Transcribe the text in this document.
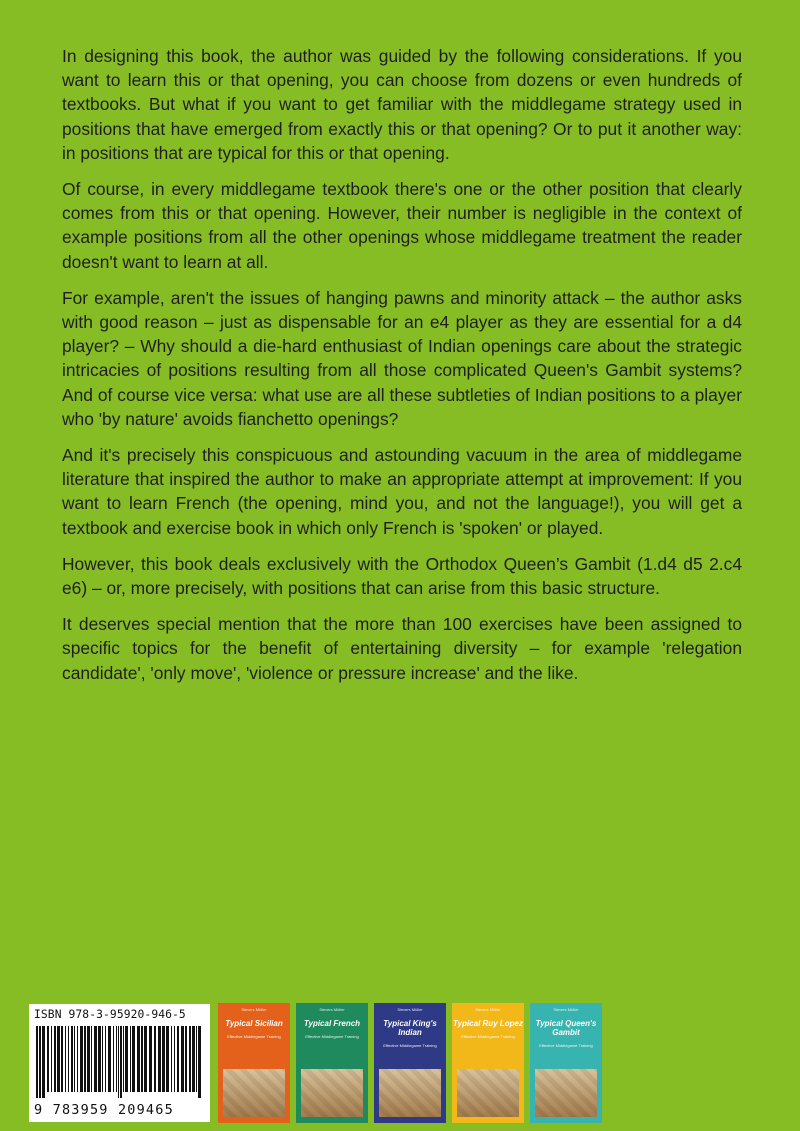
In designing this book, the author was guided by the following considerations. If you want to learn this or that opening, you can choose from dozens or even hundreds of textbooks. But what if you want to get familiar with the middlegame strategy used in positions that have emerged from exactly this or that opening? Or to put it another way: in positions that are typical for this or that opening.

Of course, in every middlegame textbook there's one or the other position that clearly comes from this or that opening. However, their number is negligible in the context of example positions from all the other openings whose middlegame treatment the reader doesn't want to learn at all.

For example, aren't the issues of hanging pawns and minority attack – the author asks with good reason – just as dispensable for an e4 player as they are essential for a d4 player? – Why should a die-hard enthusiast of Indian openings care about the strategic intricacies of positions resulting from all those complicated Queen's Gambit systems? And of course vice versa: what use are all these subtleties of Indian positions to a player who 'by nature' avoids fianchetto openings?

And it's precisely this conspicuous and astounding vacuum in the area of middlegame literature that inspired the author to make an appropriate attempt at improvement: If you want to learn French (the opening, mind you, and not the language!), you will get a textbook and exercise book in which only French is 'spoken' or played.

However, this book deals exclusively with the Orthodox Queen’s Gambit (1.d4 d5 2.c4 e6) – or, more precisely, with positions that can arise from this basic structure.

It deserves special mention that the more than 100 exercises have been assigned to specific topics for the benefit of entertaining diversity – for example 'relegation candidate', 'only move', 'violence or pressure increase' and the like.

ISBN 978-3-95920-946-5
9 783959 209465
Sievers Müller
Typical Sicilian
Effective Middlegame Training
Sievers Müller
Typical French
Effective Middlegame Training
Sievers Müller
Typical King's Indian
Effective Middlegame Training
Sievers Müller
Typical Ruy Lopez
Effective Middlegame Training
Sievers Müller
Typical Queen's Gambit
Effective Middlegame Training
